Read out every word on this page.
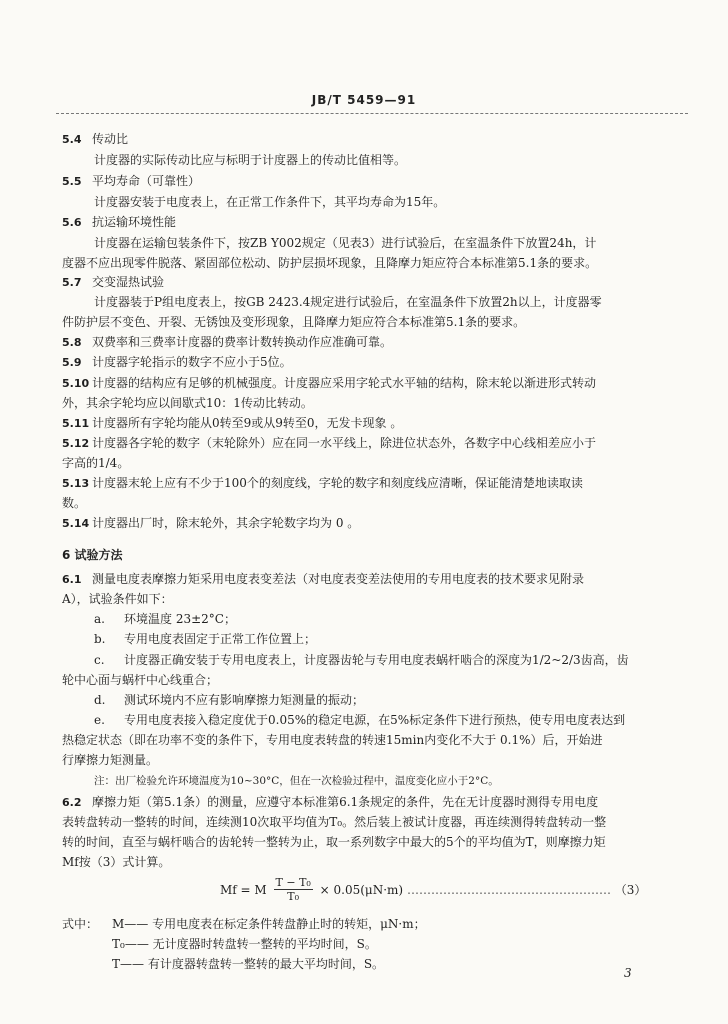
JB/T 5459—91
5.4 传动比
计度器的实际传动比应与标明于计度器上的传动比值相等。
5.5 平均寿命（可靠性）
计度器安装于电度表上，在正常工作条件下，其平均寿命为15年。
5.6 抗运输环境性能
计度器在运输包装条件下，按ZB Y002规定（见表3）进行试验后，在室温条件下放置24h，计
度器不应出现零件脱落、紧固部位松动、防护层损坏现象，且降摩力矩应符合本标准第5.1条的要求。
5.7 交变湿热试验
计度器装于P组电度表上，按GB 2423.4规定进行试验后，在室温条件下放置2h以上，计度器零
件防护层不变色、开裂、无锈蚀及变形现象，且降摩力矩应符合本标准第5.1条的要求。
5.8 双费率和三费率计度器的费率计数转换动作应准确可靠。
5.9 计度器字轮指示的数字不应小于5位。
5.10 计度器的结构应有足够的机械强度。计度器应采用字轮式水平轴的结构，除末轮以渐进形式转动
外，其余字轮均应以间歇式10：1传动比转动。
5.11 计度器所有字轮均能从0转至9或从9转至0，无发卡现象 。
5.12 计度器各字轮的数字（末轮除外）应在同一水平线上，除进位状态外，各数字中心线相差应小于
字高的1/4。
5.13 计度器末轮上应有不少于100个的刻度线，字轮的数字和刻度线应清晰，保证能清楚地读取读
数。
5.14 计度器出厂时，除末轮外，其余字轮数字均为 0 。
6 试验方法
6.1 测量电度表摩擦力矩采用电度表变差法（对电度表变差法使用的专用电度表的技术要求见附录
A），试验条件如下：
a. 环境温度 23±2°C；
b. 专用电度表固定于正常工作位置上；
c. 计度器正确安装于专用电度表上，计度器齿轮与专用电度表蜗杆啮合的深度为1/2~2/3齿高，齿
轮中心面与蜗杆中心线重合；
d. 测试环境内不应有影响摩擦力矩测量的振动；
e. 专用电度表接入稳定度优于0.05%的稳定电源，在5%标定条件下进行预热，使专用电度表达到
热稳定状态（即在功率不变的条件下，专用电度表转盘的转速15min内变化不大于 0.1%）后，开始进
行摩擦力矩测量。
注：出厂检验允许环境温度为10~30°C，但在一次检验过程中，温度变化应小于2°C。
6.2 摩擦力矩（第5.1条）的测量，应遵守本标准第6.1条规定的条件，先在无计度器时测得专用电度
表转盘转动一整转的时间，连续测10次取平均值为T₀。然后装上被试计度器，再连续测得转盘转动一整
转的时间，直至与蜗杆啮合的齿轮转一整转为止，取一系列数字中最大的5个的平均值为T，则摩擦力矩
Mf按（3）式计算。
Mf = M $\frac{\text{T − T₀}}{\text{T₀}} \times 0.05(\mu N\cdot m)$ …………………………………………… （3）
式中：	M—— 专用电度表在标定条件转盘静止时的转矩，μN·m；
T₀—— 无计度器时转盘转一整转的平均时间，S。
T—— 有计度器转盘转一整转的最大平均时间，S。
3
